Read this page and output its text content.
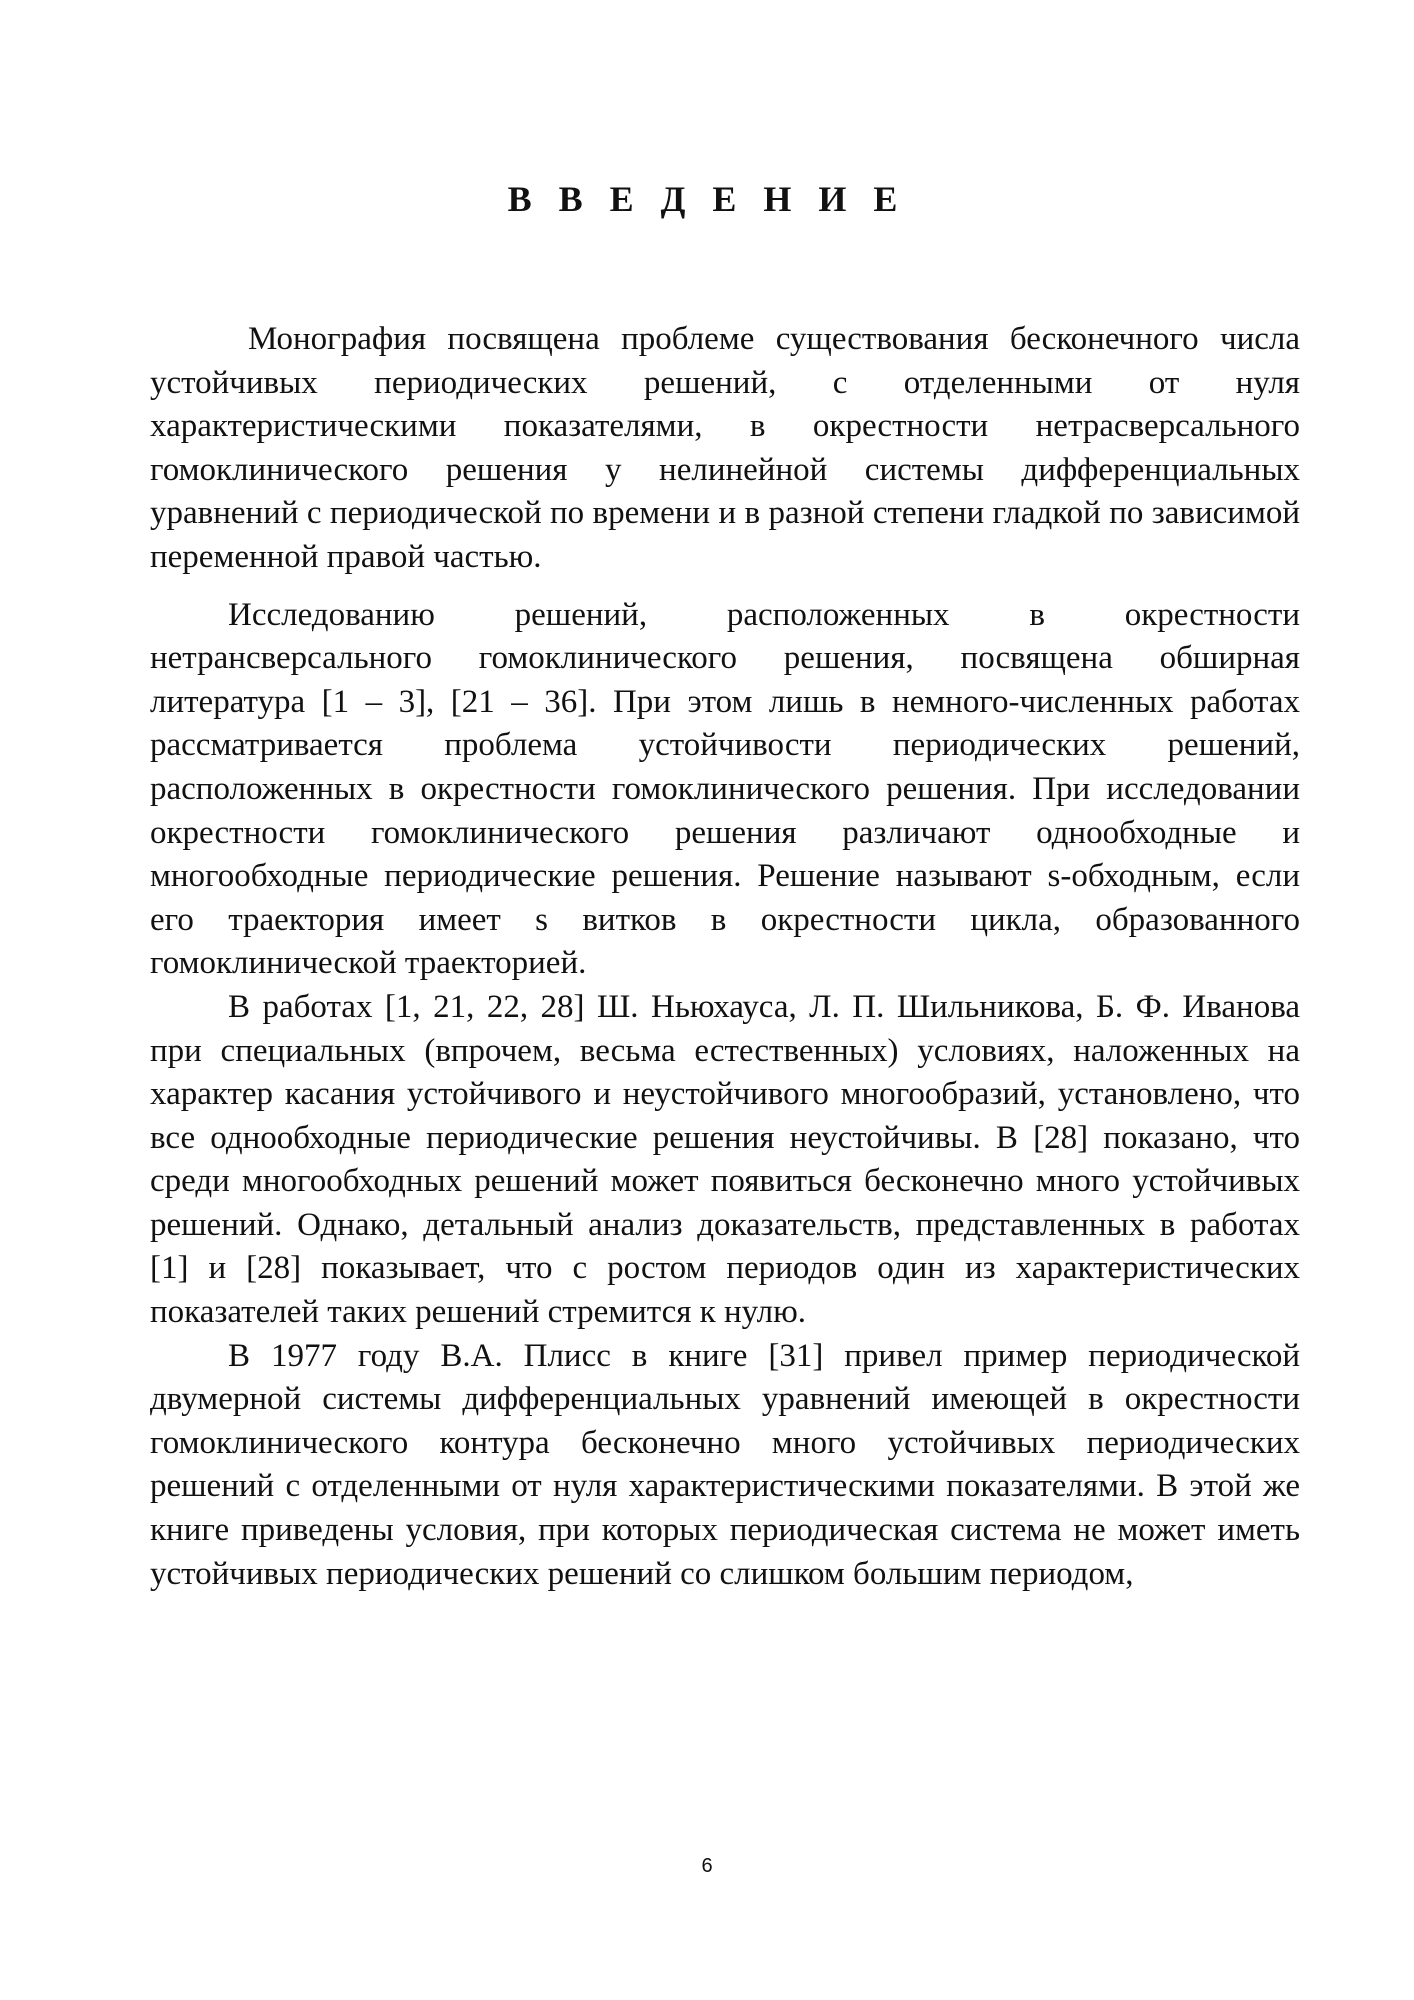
В В Е Д Е Н И Е

Монография посвящена проблеме существования бесконечного числа устойчивых периодических решений, с отделенными от нуля характеристическими показателями, в окрестности нетрасверсального гомоклинического решения у нелинейной системы дифференциальных уравнений с периодической по времени и в разной степени гладкой по зависимой переменной правой частью.

Исследованию решений, расположенных в окрестности нетрансверсального гомоклинического решения, посвящена обширная литература [1 – 3], [21 – 36]. При этом лишь в немного-численных работах рассматривается проблема устойчивости периодических решений, расположенных в окрестности гомоклинического решения. При исследовании окрестности гомоклинического решения различают однообходные и многообходные периодические решения. Решение называют s-обходным, если его траектория имеет s витков в окрестности цикла, образованного гомоклинической траекторией.

В работах [1, 21, 22, 28] Ш. Ньюхауса, Л. П. Шильникова, Б. Ф. Иванова при специальных (впрочем, весьма естественных) условиях, наложенных на характер касания устойчивого и неустойчивого многообразий, установлено, что все однообходные периодические решения неустойчивы. В [28] показано, что среди многообходных решений может появиться бесконечно много устойчивых решений. Однако, детальный анализ доказательств, представленных в работах [1] и [28] показывает, что с ростом периодов один из характеристических показателей таких решений стремится к нулю.

В 1977 году В.А. Плисс в книге [31] привел пример периодической двумерной системы дифференциальных уравнений имеющей в окрестности гомоклинического контура бесконечно много устойчивых периодических решений с отделенными от нуля характеристическими показателями. В этой же книге приведены условия, при которых периодическая система не может иметь устойчивых периодических решений со слишком большим периодом,

6
